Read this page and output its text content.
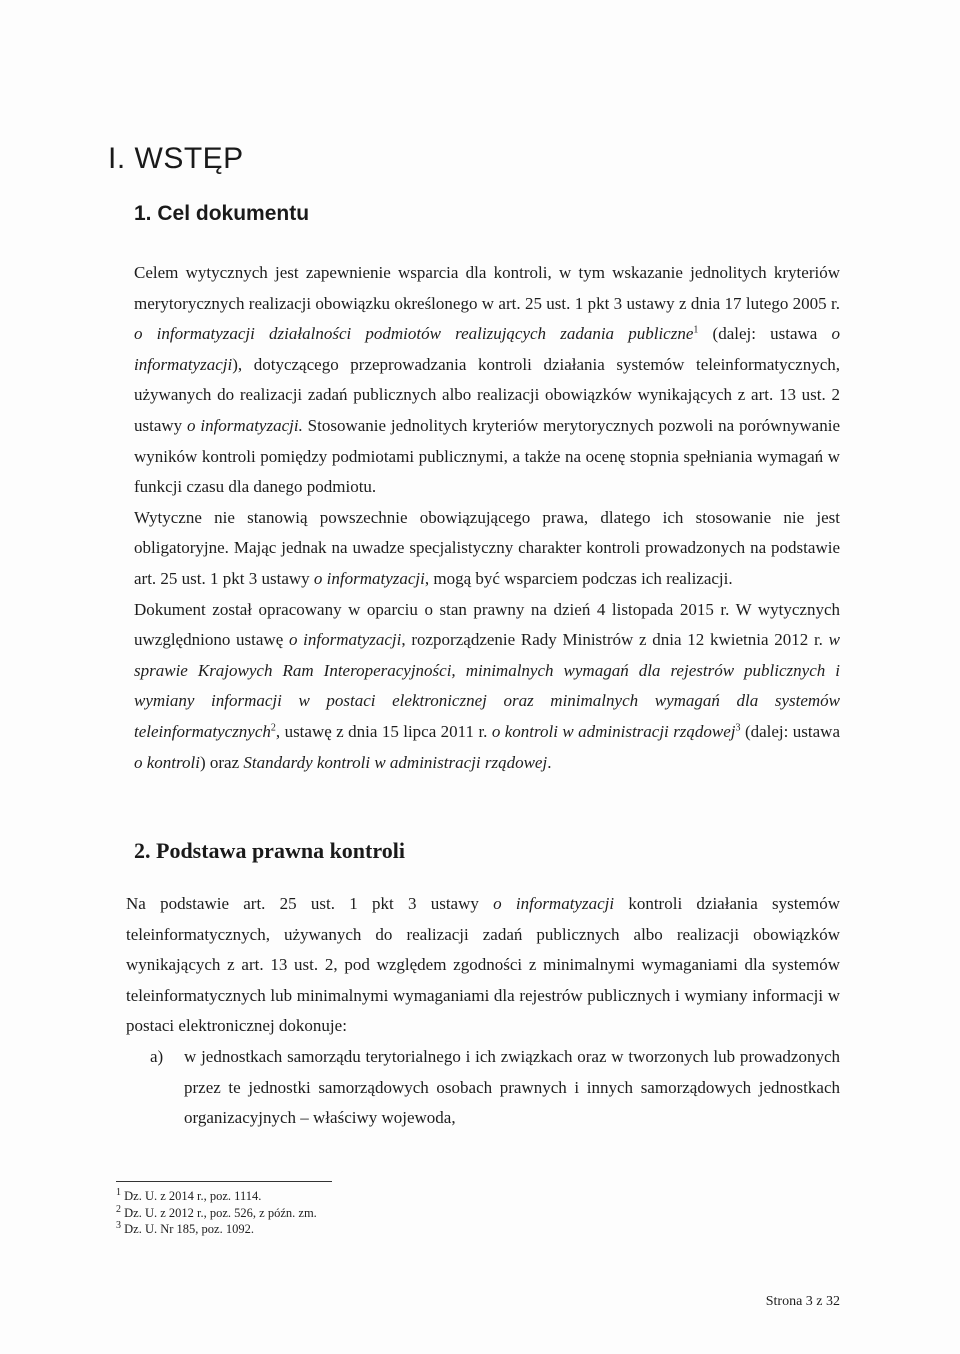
I. WSTĘP
1. Cel dokumentu

Celem wytycznych jest zapewnienie wsparcia dla kontroli, w tym wskazanie jednolitych kryteriów merytorycznych realizacji obowiązku określonego w art. 25 ust. 1 pkt 3 ustawy z dnia 17 lutego 2005 r. o informatyzacji działalności podmiotów realizujących zadania publiczne$^1$ (dalej: ustawa o informatyzacji), dotyczącego przeprowadzania kontroli działania systemów teleinformatycznych, używanych do realizacji zadań publicznych albo realizacji obowiązków wynikających z art. 13 ust. 2 ustawy o informatyzacji. Stosowanie jednolitych kryteriów merytorycznych pozwoli na porównywanie wyników kontroli pomiędzy podmiotami publicznymi, a także na ocenę stopnia spełniania wymagań w funkcji czasu dla danego podmiotu.

Wytyczne nie stanowią powszechnie obowiązującego prawa, dlatego ich stosowanie nie jest obligatoryjne. Mając jednak na uwadze specjalistyczny charakter kontroli prowadzonych na podstawie art. 25 ust. 1 pkt 3 ustawy o informatyzacji, mogą być wsparciem podczas ich realizacji.

Dokument został opracowany w oparciu o stan prawny na dzień 4 listopada 2015 r. W wytycznych uwzględniono ustawę o informatyzacji, rozporządzenie Rady Ministrów z dnia 12 kwietnia 2012 r. w sprawie Krajowych Ram Interoperacyjności, minimalnych wymagań dla rejestrów publicznych i wymiany informacji w postaci elektronicznej oraz minimalnych wymagań dla systemów teleinformatycznych$^2$, ustawę z dnia 15 lipca 2011 r. o kontroli w administracji rządowej$^3$ (dalej: ustawa o kontroli) oraz Standardy kontroli w administracji rządowej.

2. Podstawa prawna kontroli

Na podstawie art. 25 ust. 1 pkt 3 ustawy o informatyzacji kontroli działania systemów teleinformatycznych, używanych do realizacji zadań publicznych albo realizacji obowiązków wynikających z art. 13 ust. 2, pod względem zgodności z minimalnymi wymaganiami dla systemów teleinformatycznych lub minimalnymi wymaganiami dla rejestrów publicznych i wymiany informacji w postaci elektronicznej dokonuje:

a) w jednostkach samorządu terytorialnego i ich związkach oraz w tworzonych lub prowadzonych przez te jednostki samorządowych osobach prawnych i innych samorządowych jednostkach organizacyjnych – właściwy wojewoda,
$^1$ Dz. U. z 2014 r., poz. 1114.
$^2$ Dz. U. z 2012 r., poz. 526, z późn. zm.
$^3$ Dz. U. Nr 185, poz. 1092.
Strona 3 z 32
